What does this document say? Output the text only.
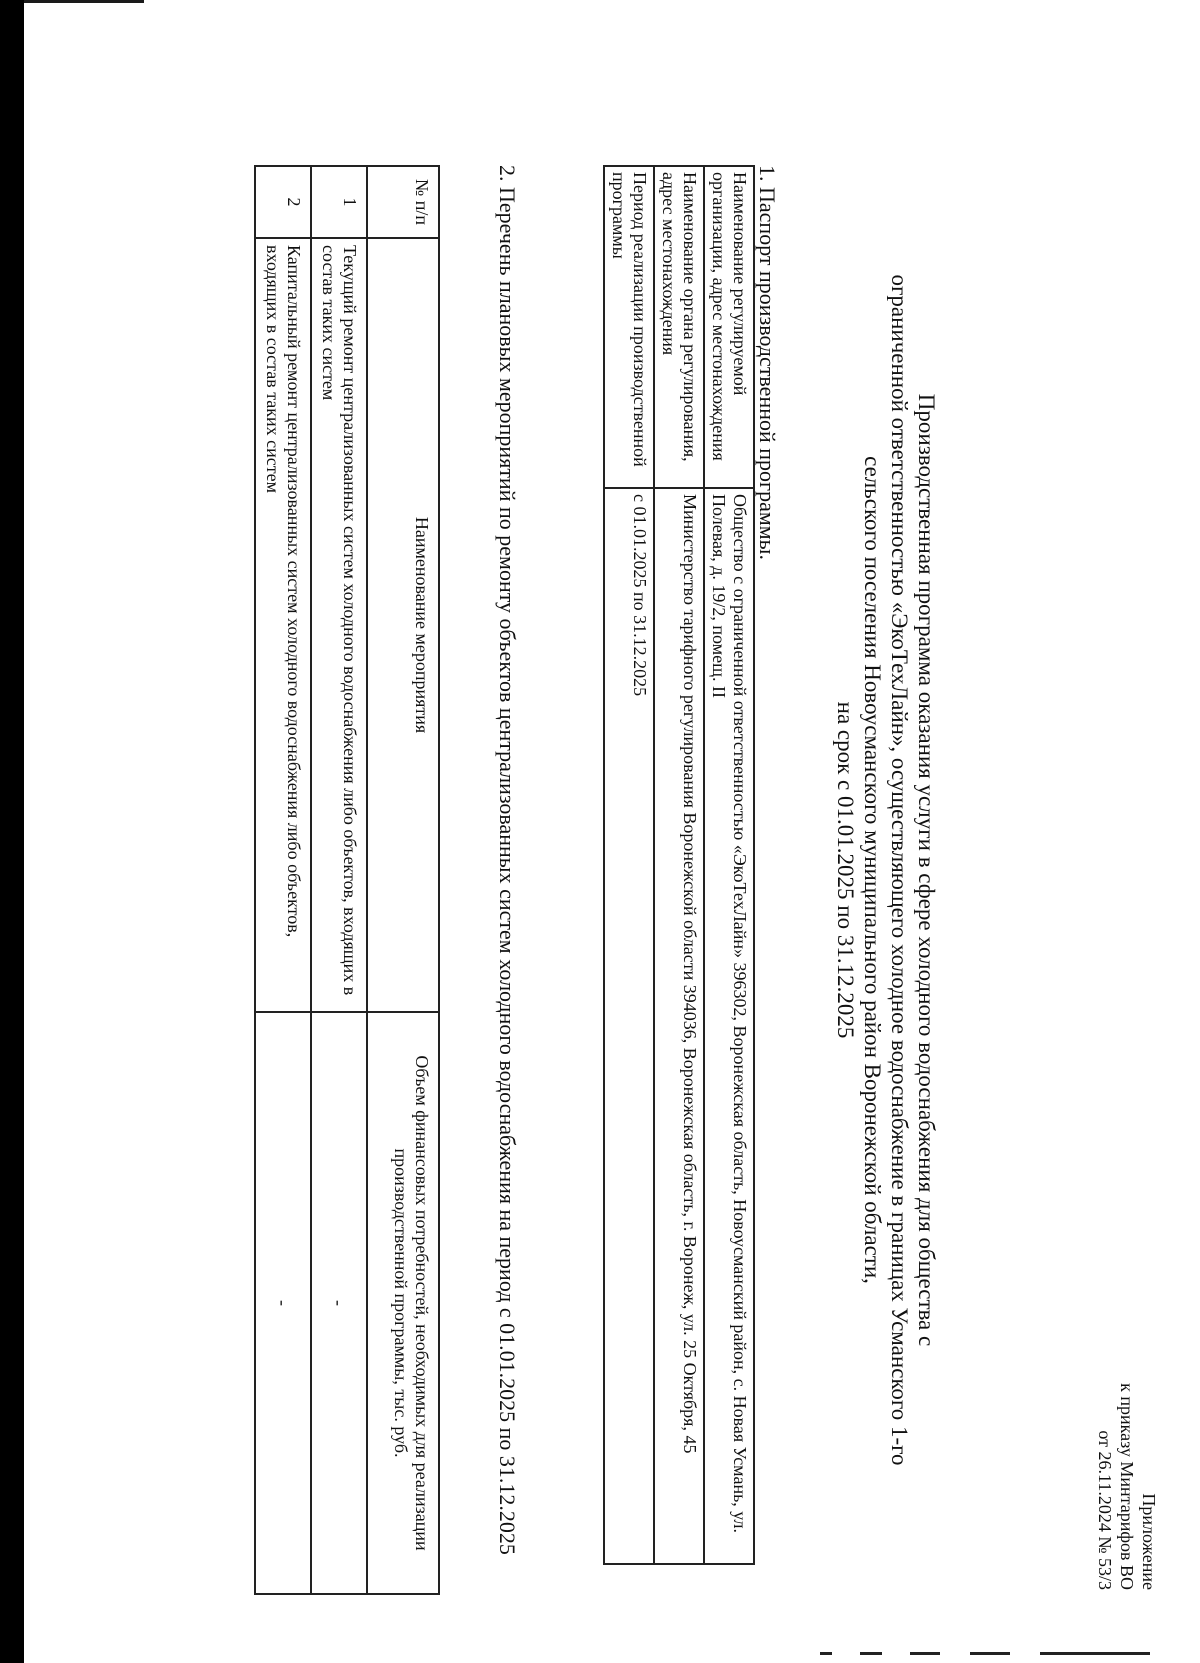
Приложение
к приказу Минтарифов ВО
от 26.11.2024 № 53/3
Производственная программа оказания услуги в сфере холодного водоснабжения для общества с
ограниченной ответственностью «ЭкоТехЛайн», осуществляющего холодное водоснабжение в границах Усманского 1-го
сельского поселения Новоусманского муниципального район Воронежской области,
на срок с 01.01.2025 по 31.12.2025
1. Паспорт производственной программы.
Наименование регулируемой организации, адрес местонахождения	Общество с ограниченной ответственностью «ЭкоТехЛайн» 396302, Воронежская область, Новоусманский район, с. Новая Усмань, ул. Полевая, д. 19/2, помещ. II
Наименование органа регулирования, адрес местонахождения	Министерство тарифного регулирования Воронежской области 394036, Воронежская область, г. Воронеж, ул. 25 Октября, 45
Период реализации производственной программы	с 01.01.2025 по 31.12.2025
2. Перечень плановых мероприятий по ремонту объектов централизованных систем холодного водоснабжения на период с 01.01.2025 по 31.12.2025
№ п/п	Наименование мероприятия	Объем финансовых потребностей, необходимых для реализации производственной программы, тыс. руб.
1	Текущий ремонт централизованных систем холодного водоснабжения либо объектов, входящих в состав таких систем	-
2	Капитальный ремонт централизованных систем холодного водоснабжения либо объектов, входящих в состав таких систем	-
